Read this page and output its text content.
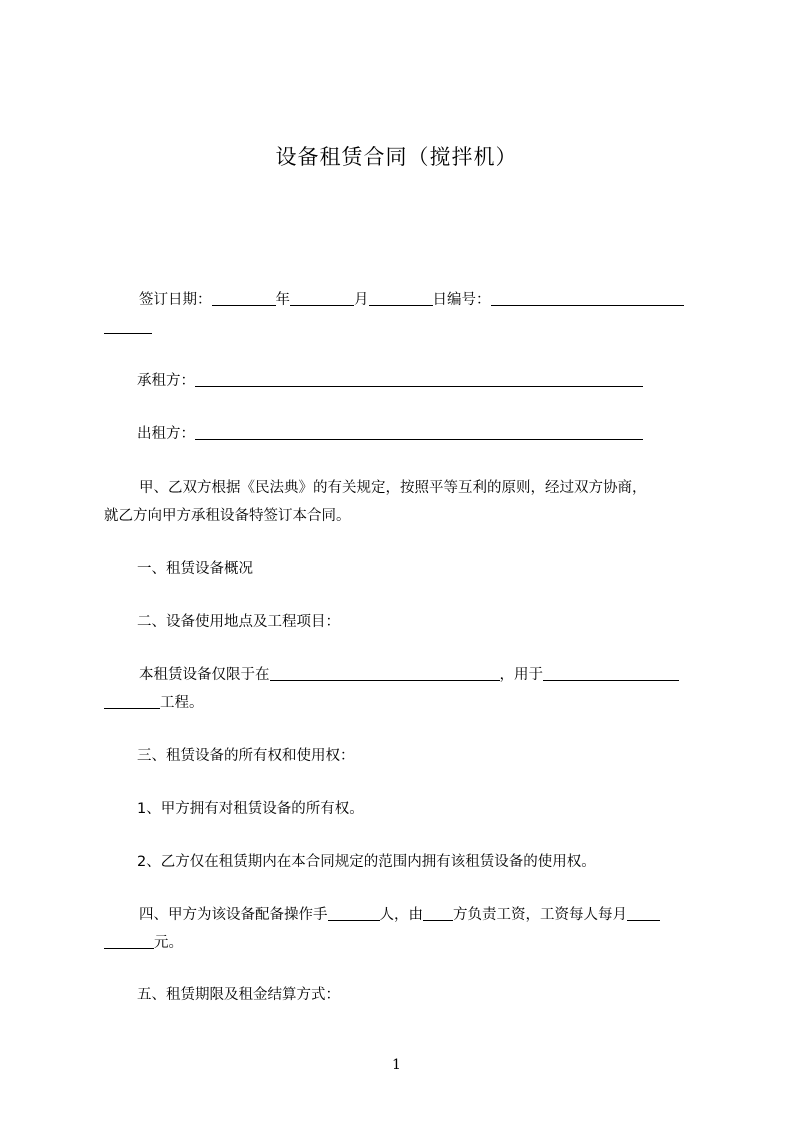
设备租赁合同（搅拌机）
签订日期：	年	月	日编号：
承租方：
出租方：
甲、乙双方根据《民法典》的有关规定，按照平等互利的原则，经过双方协商，
就乙方向甲方承租设备特签订本合同。
一、租赁设备概况
二、设备使用地点及工程项目：
本租赁设备仅限于在	，用于
工程。
三、租赁设备的所有权和使用权：
1、甲方拥有对租赁设备的所有权。
2、乙方仅在租赁期内在本合同规定的范围内拥有该租赁设备的使用权。
四、甲方为该设备配备操作手	人，由 方负责工资，工资每人每月
元。
五、租赁期限及租金结算方式：
1
